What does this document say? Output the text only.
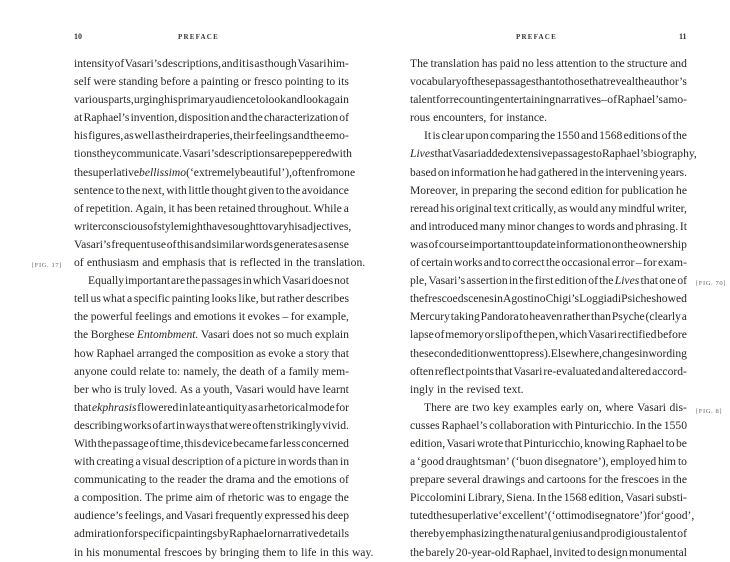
10	PREFACE
[FIG. 17]
intensity of Vasari’s descriptions, and it is as though Vasari him-
self were standing before a painting or fresco pointing to its
various parts, urging his primary audience to look and look again
at Raphael’s invention, disposition and the characterization of
his figures, as well as their draperies, their feelings and the emo-
tions they communicate. Vasari’s descriptions are peppered with
the superlative bellissimo (‘extremely beautiful’), often from one
sentence to the next, with little thought given to the avoidance
of repetition. Again, it has been retained throughout. While a
writer conscious of style might have sought to vary his adjectives,
Vasari’s frequent use of this and similar words generates a sense
of enthusiasm and emphasis that is reflected in the translation.
Equally important are the passages in which Vasari does not
tell us what a specific painting looks like, but rather describes
the powerful feelings and emotions it evokes – for example,
the Borghese Entombment. Vasari does not so much explain
how Raphael arranged the composition as evoke a story that
anyone could relate to: namely, the death of a family mem-
ber who is truly loved. As a youth, Vasari would have learnt
that ekphrasis flowered in late antiquity as a rhetorical mode for
describing works of art in ways that were often strikingly vivid.
With the passage of time, this device became far less concerned
with creating a visual description of a picture in words than in
communicating to the reader the drama and the emotions of
a composition. The prime aim of rhetoric was to engage the
audience’s feelings, and Vasari frequently expressed his deep
admiration for specific paintings by Raphael or narrative details
in his monumental frescoes by bringing them to life in this way.
PREFACE	11
[FIG. 70]
[FIG. 8]
The translation has paid no less attention to the structure and
vocabulary of these passages than to those that reveal the author’s
talent for recounting entertaining narratives – of Raphael’s amo-
rous encounters, for instance.
It is clear upon comparing the 1550 and 1568 editions of the
Lives that Vasari added extensive passages to Raphael’s biography,
based on information he had gathered in the intervening years.
Moreover, in preparing the second edition for publication he
reread his original text critically, as would any mindful writer,
and introduced many minor changes to words and phrasing. It
was of course important to update information on the ownership
of certain works and to correct the occasional error – for exam-
ple, Vasari’s assertion in the first edition of the Lives that one of
the frescoed scenes in Agostino Chigi’s Loggia di Psiche showed
Mercury taking Pandora to heaven rather than Psyche (clearly a
lapse of memory or slip of the pen, which Vasari rectified before
the second edition went to press). Elsewhere, changes in wording
often reflect points that Vasari re-evaluated and altered accord-
ingly in the revised text.
There are two key examples early on, where Vasari dis-
cusses Raphael’s collaboration with Pinturicchio. In the 1550
edition, Vasari wrote that Pinturicchio, knowing Raphael to be
a ‘good draughtsman’ (‘buon disegnatore’), employed him to
prepare several drawings and cartoons for the frescoes in the
Piccolomini Library, Siena. In the 1568 edition, Vasari substi-
tuted the superlative ‘excellent’ (‘ottimo disegnatore’) for ‘good’,
thereby emphasizing the natural genius and prodigious talent of
the barely 20-year-old Raphael, invited to design monumental
